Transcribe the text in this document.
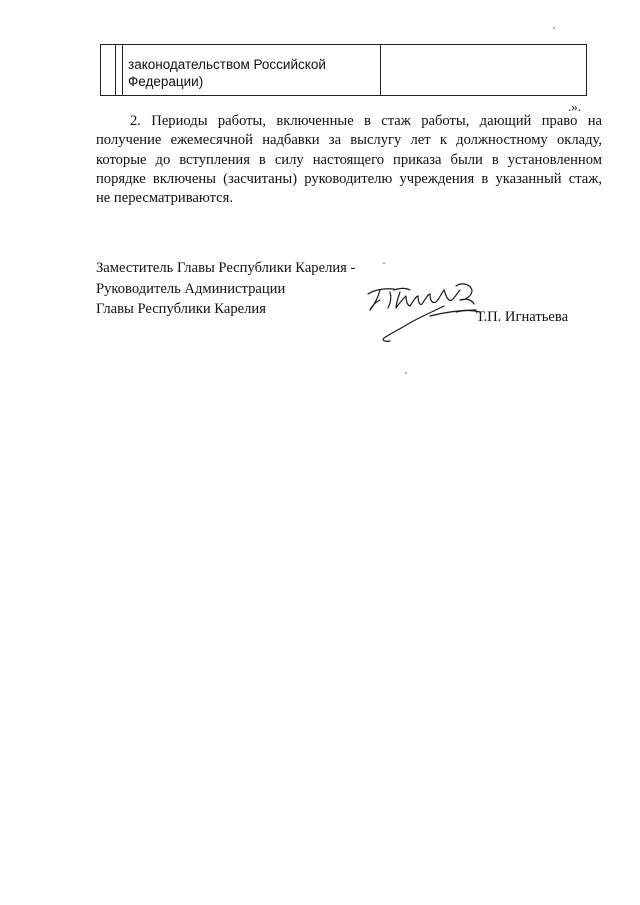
		законодательством Российской
Федерации)	
.».

2. Периоды работы, включенные в стаж работы, дающий право на
получение ежемесячной надбавки за выслугу лет к должностному окладу,
которые до вступления в силу настоящего приказа были в установленном
порядке включены (засчитаны) руководителю учреждения в указанный стаж,
не пересматриваются.

Заместитель Главы Республики Карелия -
Руководитель Администрации
Главы Республики Карелия	Т.П. Игнатьева
